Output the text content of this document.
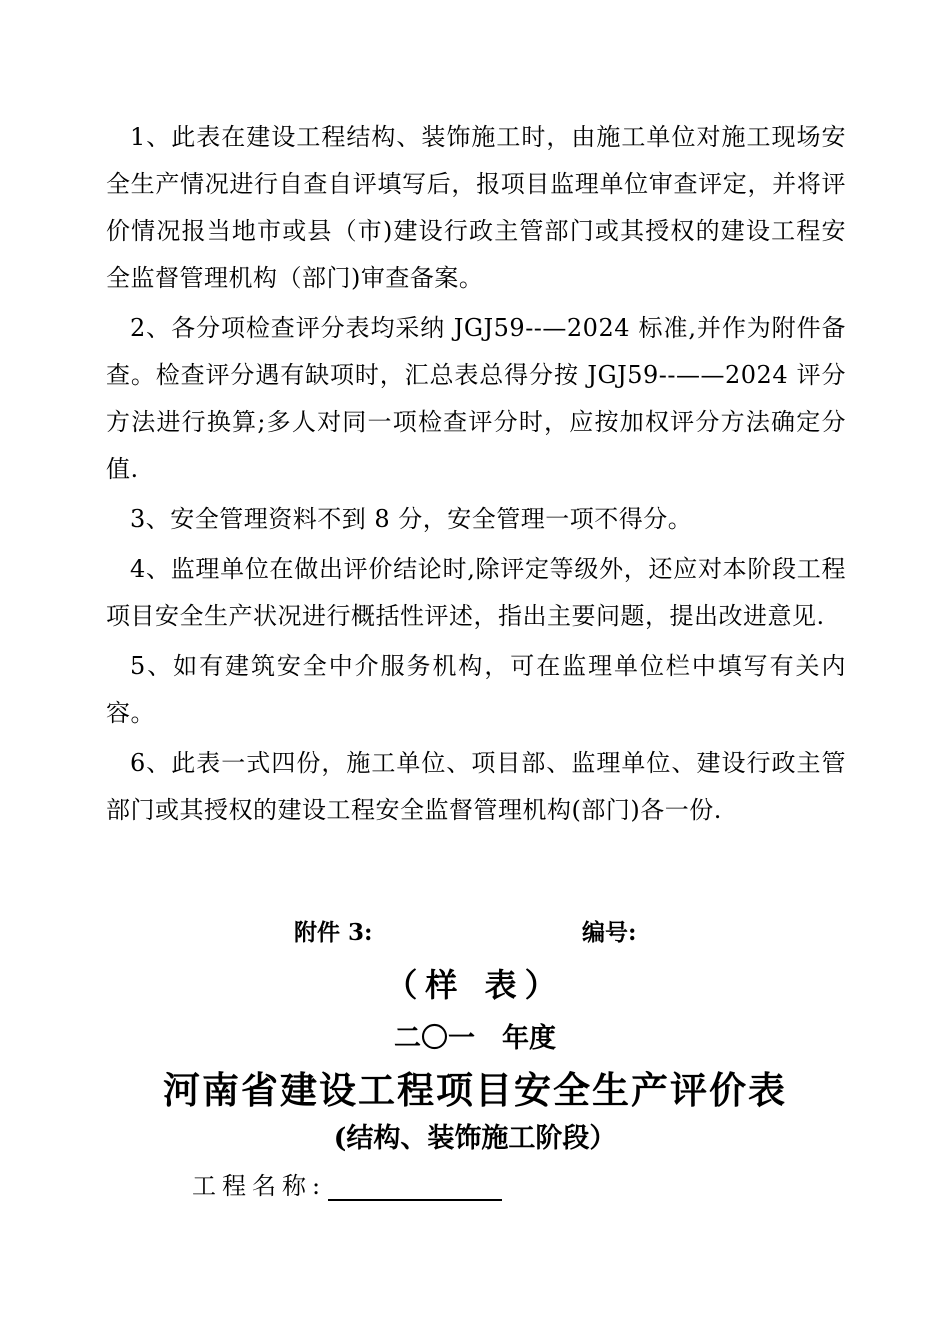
1、此表在建设工程结构、装饰施工时，由施工单位对施工现场安全生产情况进行自查自评填写后，报项目监理单位审查评定，并将评价情况报当地市或县（市)建设行政主管部门或其授权的建设工程安全监督管理机构（部门)审查备案。

2、各分项检查评分表均采纳 JGJ59--—2024 标准,并作为附件备查。检查评分遇有缺项时，汇总表总得分按 JGJ59--——2024 评分方法进行换算;多人对同一项检查评分时，应按加权评分方法确定分值.

3、安全管理资料不到 8 分，安全管理一项不得分。

4、监理单位在做出评价结论时,除评定等级外，还应对本阶段工程项目安全生产状况进行概括性评述，指出主要问题，提出改进意见.

5、如有建筑安全中介服务机构，可在监理单位栏中填写有关内容。

6、此表一式四份，施工单位、项目部、监理单位、建设行政主管部门或其授权的建设工程安全监督管理机构(部门)各一份.

附件 3:	编号:
（样 表）
二〇一　年度
河南省建设工程项目安全生产评价表
(结构、装饰施工阶段）
工程名称:
